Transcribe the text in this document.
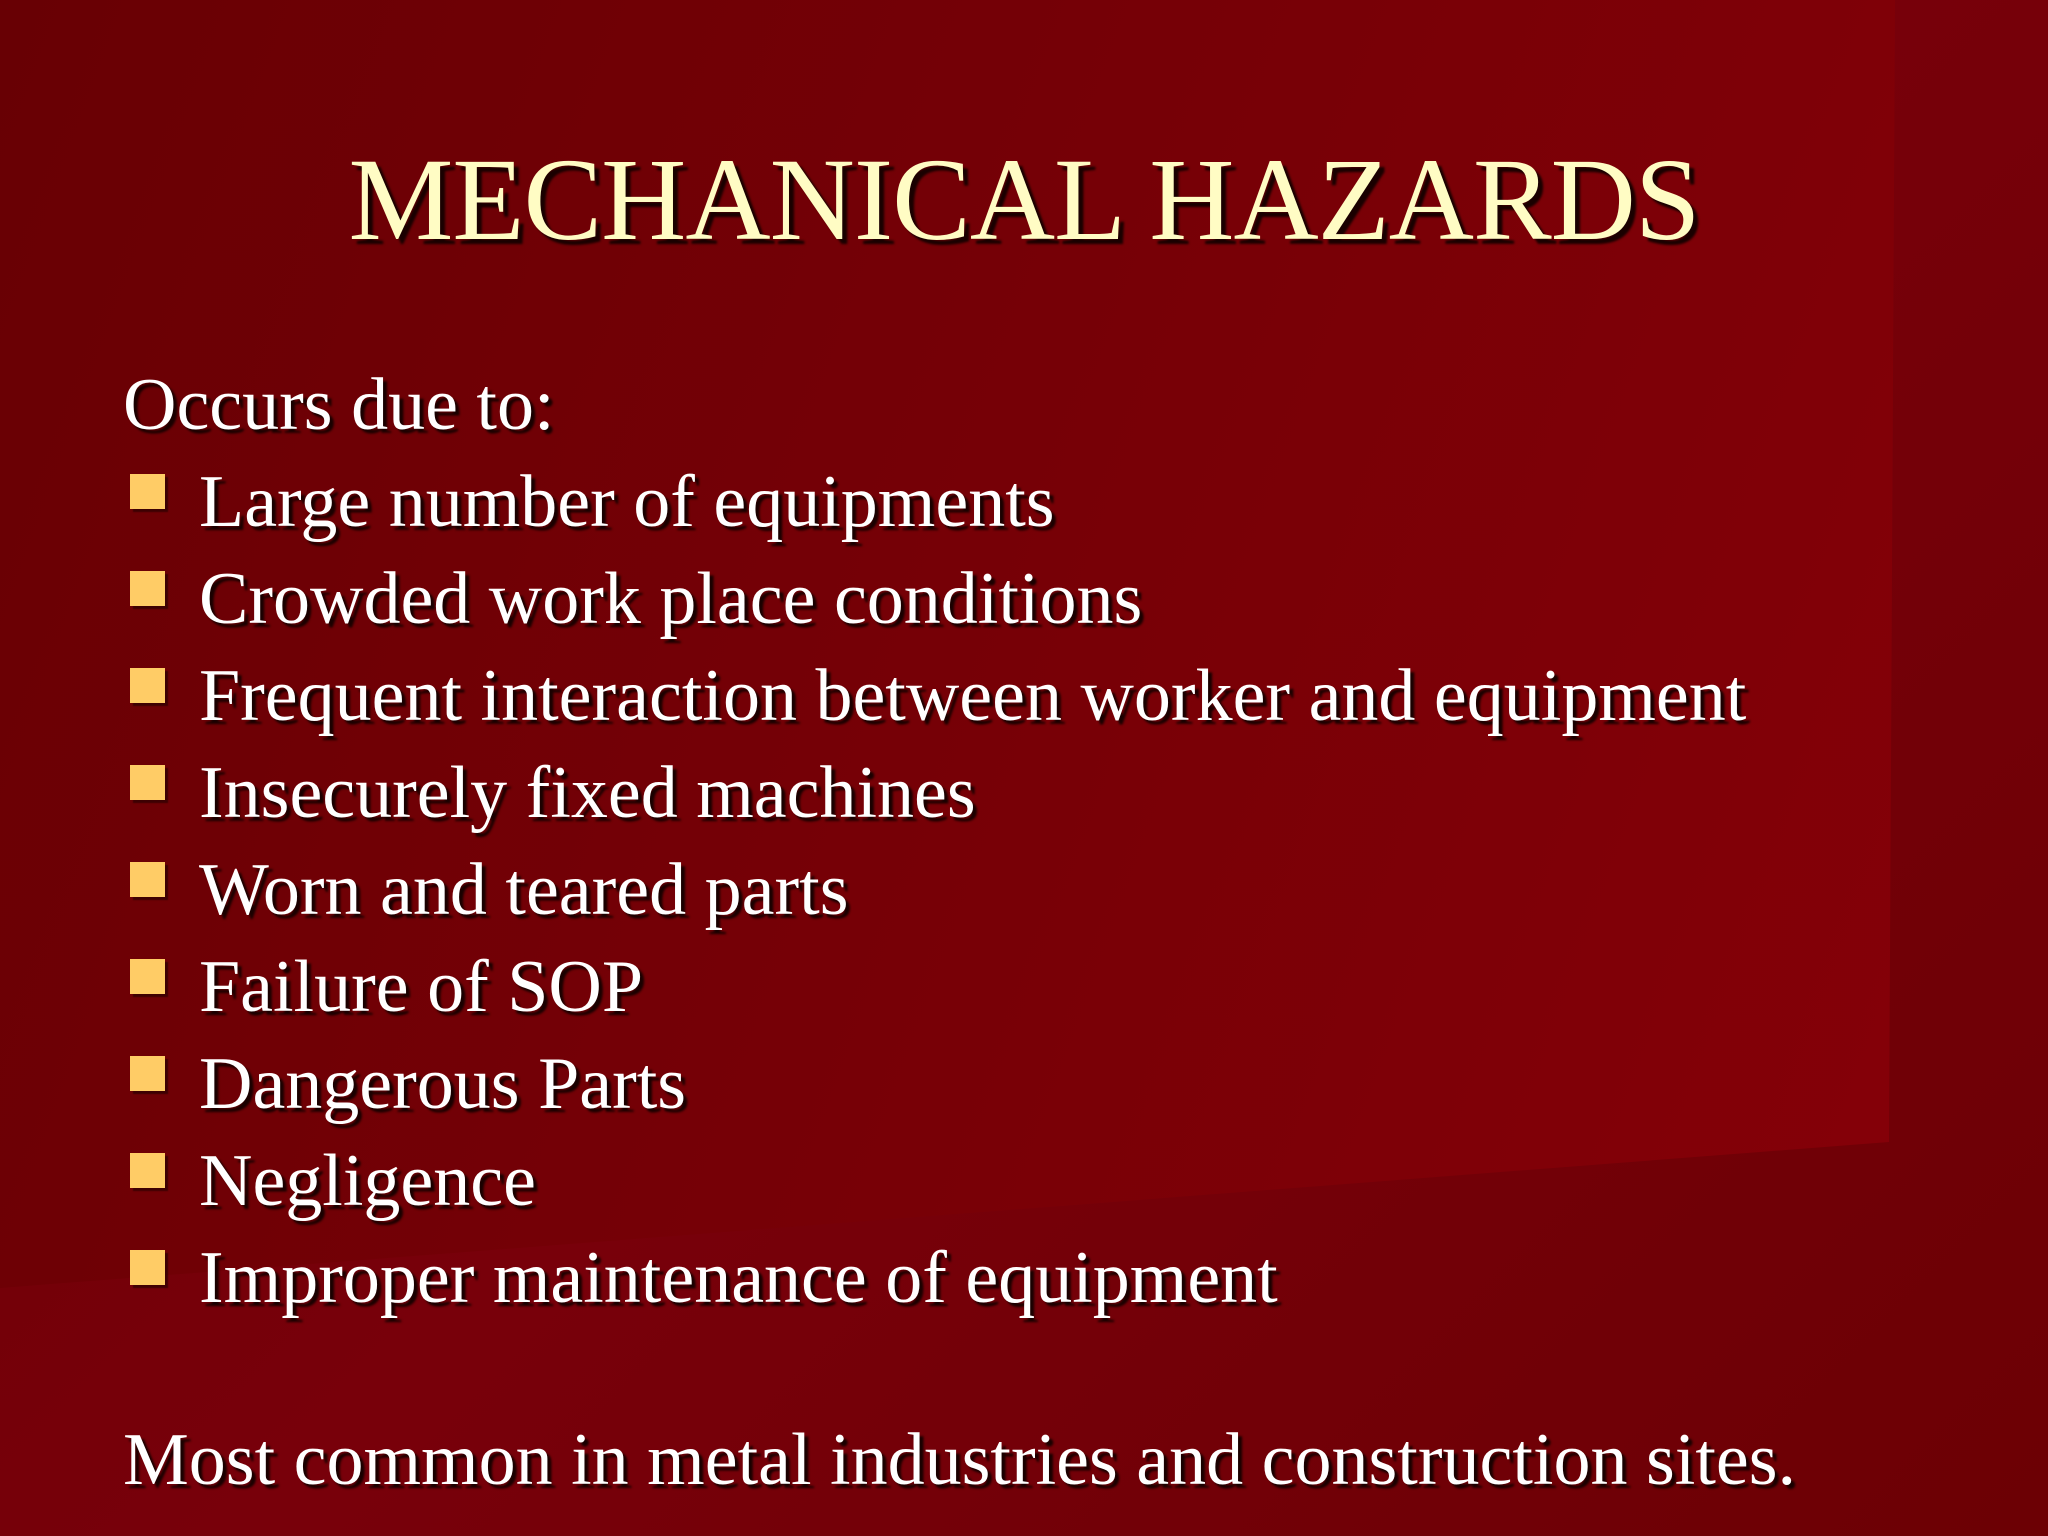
MECHANICAL HAZARDS
Occurs due to:
Large number of equipments
Crowded work place conditions
Frequent interaction between worker and equipment
Insecurely fixed machines
Worn and teared parts
Failure of SOP
Dangerous Parts
Negligence
Improper maintenance of equipment
Most common in metal industries and construction sites.
